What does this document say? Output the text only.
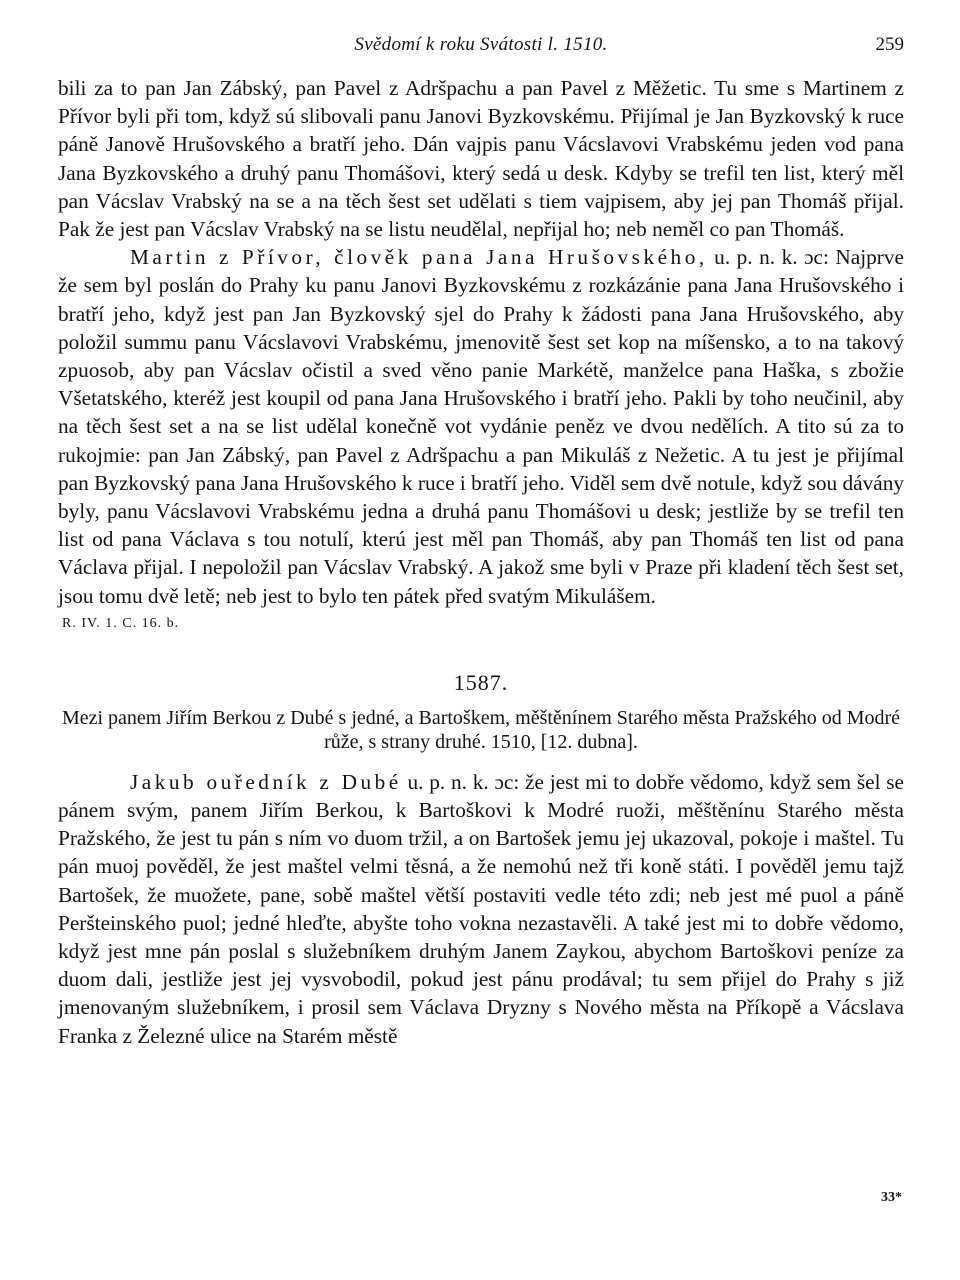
Svědomí k roku Svátosti l. 1510.	259

bili za to pan Jan Zábský, pan Pavel z Adršpachu a pan Pavel z Měžetic. Tu sme s Martinem z Přívor byli při tom, když sú slibovali panu Janovi Byzkovskému. Přijímal je Jan Byzkovský k ruce páně Janově Hrušovského a bratří jeho. Dán vajpis panu Vácslavovi Vrabskému jeden vod pana Jana Byzkovského a druhý panu Thomášovi, který sedá u desk. Kdyby se trefil ten list, který měl pan Vácslav Vrabský na se a na těch šest set udělati s tiem vajpisem, aby jej pan Thomáš přijal. Pak že jest pan Vácslav Vrabský na se listu neudělal, nepřijal ho; neb neměl co pan Thomáš.

Martin z Přívor, člověk pana Jana Hrušovského, u. p. n. k. ɔc: Najprve že sem byl poslán do Prahy ku panu Janovi Byzkovskému z rozkázánie pana Jana Hrušovského i bratří jeho, když jest pan Jan Byzkovský sjel do Prahy k žádosti pana Jana Hrušovského, aby položil summu panu Vácslavovi Vrabskému, jmenovitě šest set kop na míšensko, a to na takový zpuosob, aby pan Vácslav očistil a sved věno panie Markétě, manželce pana Haška, s zbožie Všetatského, kteréž jest koupil od pana Jana Hrušovského i bratří jeho. Pakli by toho neučinil, aby na těch šest set a na se list udělal konečně vot vydánie peněz ve dvou nedělích. A tito sú za to rukojmie: pan Jan Zábský, pan Pavel z Adršpachu a pan Mikuláš z Nežetic. A tu jest je přijímal pan Byzkovský pana Jana Hrušovského k ruce i bratří jeho. Viděl sem dvě notule, když sou dávány byly, panu Vácslavovi Vrabskému jedna a druhá panu Thomášovi u desk; jestliže by se trefil ten list od pana Václava s tou notulí, kterú jest měl pan Thomáš, aby pan Thomáš ten list od pana Václava přijal. I nepoložil pan Vácslav Vrabský. A jakož sme byli v Praze při kladení těch šest set, jsou tomu dvě letě; neb jest to bylo ten pátek před svatým Mikulášem.

R. IV. 1. C. 16. b.
1587.
Mezi panem Jiřím Berkou z Dubé s jedné, a Bartoškem, měštěnínem Starého města Pražského od Modré růže, s strany druhé. 1510, [12. dubna].

Jakub ouředník z Dubé u. p. n. k. ɔc: že jest mi to dobře vědomo, když sem šel se pánem svým, panem Jiřím Berkou, k Bartoškovi k Modré ruoži, měštěnínu Starého města Pražského, že jest tu pán s ním vo duom tržil, a on Bartošek jemu jej ukazoval, pokoje i maštel. Tu pán muoj pověděl, že jest maštel velmi těsná, a že nemohú než tři koně státi. I pověděl jemu tajž Bartošek, že muožete, pane, sobě maštel větší postaviti vedle této zdi; neb jest mé puol a páně Peršteinského puol; jedné hleďte, abyšte toho vokna nezastavěli. A také jest mi to dobře vědomo, když jest mne pán poslal s služebníkem druhým Janem Zaykou, abychom Bartoškovi peníze za duom dali, jestliže jest jej vysvobodil, pokud jest pánu prodával; tu sem přijel do Prahy s již jmenovaným služebníkem, i prosil sem Václava Dryzny s Nového města na Příkopě a Vácslava Franka z Železné ulice na Starém městě

33*
